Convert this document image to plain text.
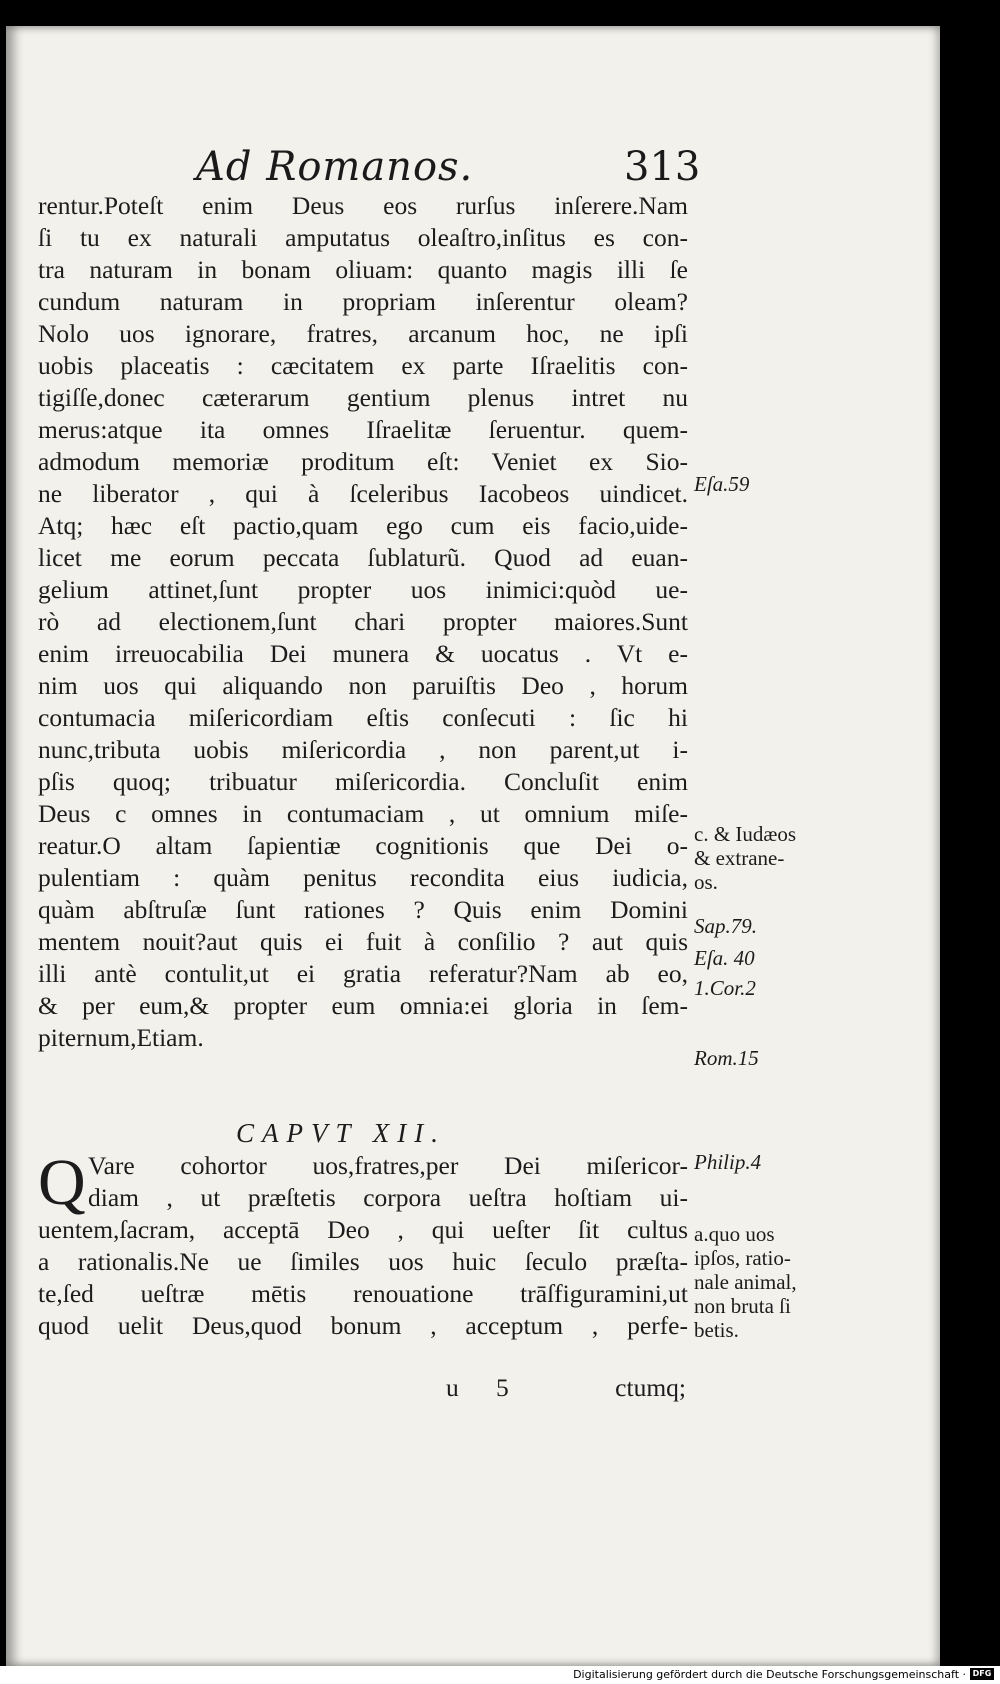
Ad Romanos.	313
rentur.Poteſt enim Deus eos rurſus inſerere.Nam
ſi tu ex naturali amputatus oleaſtro,inſitus es con-
tra naturam in bonam oliuam: quanto magis illi ſe
cundum naturam in propriam inſerentur oleam?
Nolo uos ignorare, fratres, arcanum hoc, ne ipſi
uobis placeatis : cæcitatem ex parte Iſraelitis con-
tigiſſe,donec cæterarum gentium plenus intret nu
merus:atque ita omnes Iſraelitæ ſeruentur. quem-
admodum memoriæ proditum eſt: Veniet ex Sio-
ne liberator , qui à ſceleribus Iacobeos uindicet.
Atq; hæc eſt pactio,quam ego cum eis facio,uide-
licet me eorum peccata ſublaturũ. Quod ad euan-
gelium attinet,ſunt propter uos inimici:quòd ue-
rò ad electionem,ſunt chari propter maiores.Sunt
enim irreuocabilia Dei munera & uocatus . Vt e-
nim uos qui aliquando non paruiſtis Deo , horum
contumacia miſericordiam eſtis conſecuti : ſic hi
nunc,tributa uobis miſericordia , non parent,ut i-
pſis quoq; tribuatur miſericordia. Concluſit enim
Deus c omnes in contumaciam , ut omnium miſe-
reatur.O altam ſapientiæ cognitionis que Dei o-
pulentiam : quàm penitus recondita eius iudicia,
quàm abſtruſæ ſunt rationes ? Quis enim Domini
mentem nouit?aut quis ei fuit à conſilio ? aut quis
illi antè contulit,ut ei gratia referatur?Nam ab eo,
& per eum,& propter eum omnia:ei gloria in ſem-
piternum,Etiam.
CAPVT XII.
Q Vare cohortor uos,fratres,per Dei miſericor-
diam , ut præſtetis corpora ueſtra hoſtiam ui-
uentem,ſacram, acceptā Deo , qui ueſter ſit cultus
a rationalis.Ne ue ſimiles uos huic ſeculo præſta-
te,ſed ueſtræ mētis renouatione trāſfiguramini,ut
quod uelit Deus,quod bonum , acceptum , perfe-
u 5	ctumq;
Eſa.59
c. & Iudæos
& extrane-
os.
Sap.79.
Eſa. 40
1.Cor.2
Rom.15
Philip.4
a.quo uos
ipſos, ratio-
nale animal,
non bruta ſi
betis.
Digitalisierung gefördert durch die Deutsche Forschungsgemeinschaft · DFG
